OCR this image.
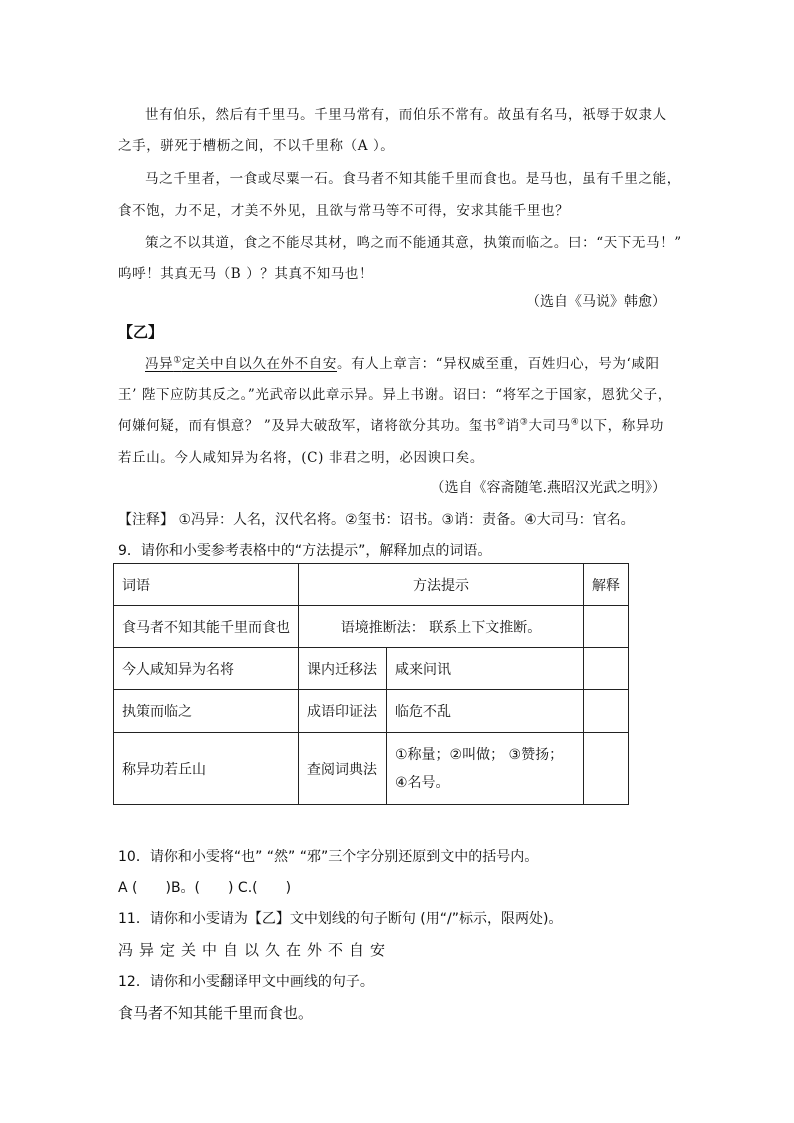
世有伯乐，然后有千里马。千里马常有，而伯乐不常有。故虽有名马，祇辱于奴隶人
之手，骈死于槽枥之间，不以千里称（A ）。
马之千里者，一食或尽粟一石。食马者不知其能千里而食也。是马也，虽有千里之能，
食不饱，力不足，才美不外见，且欲与常马等不可得，安求其能千里也？
策之不以其道，食之不能尽其材，鸣之而不能通其意，执策而临之。曰：“天下无马！”
呜呼！其真无马（B ）？其真不知马也！
（选自《马说》韩愈）
【乙】
冯异①定关中自以久在外不自安。有人上章言：“异权威至重，百姓归心，号为‘咸阳
王’ 陛下应防其反之。”光武帝以此章示异。异上书谢。诏曰：“将军之于国家，恩犹父子，
何嫌何疑，而有惧意？ ”及异大破敌军，诸将欲分其功。玺书②诮③大司马④以下，称异功
若丘山。今人咸知异为名将，(C) 非君之明，必因谀口矣。
（选自《容斋随笔.燕昭汉光武之明》）
【注释】 ①冯异：人名，汉代名将。②玺书：诏书。③诮：责备。④大司马：官名。
9．请你和小雯参考表格中的“方法提示”，解释加点的词语。
词语	方法提示		解释
食马者不知其能千里而食也	语境推断法： 联系上下文推断。		
今人咸知异为名将	课内迁移法	咸来问讯	
执策而临之	成语印证法	临危不乱	
称异功若丘山	查阅词典法	①称量；②叫做； ③赞扬；
④名号。	

10．请你和小雯将“也” “然” “邪”三个字分别还原到文中的括号内。
A (　　)B。(　　) C.(　　)
11．请你和小雯请为【乙】文中划线的句子断句 (用“/”标示，限两处)。
冯异定关中自以久在外不自安
12．请你和小雯翻译甲文中画线的句子。
食马者不知其能千里而食也。
